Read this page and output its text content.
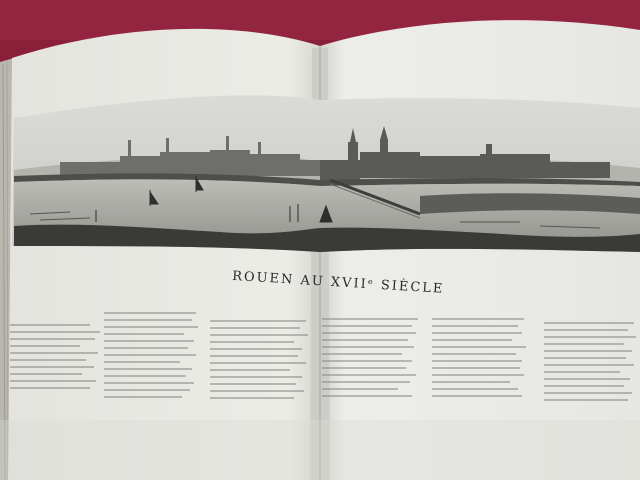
ROUEN AU XVIIᵉ SIÈCLE
